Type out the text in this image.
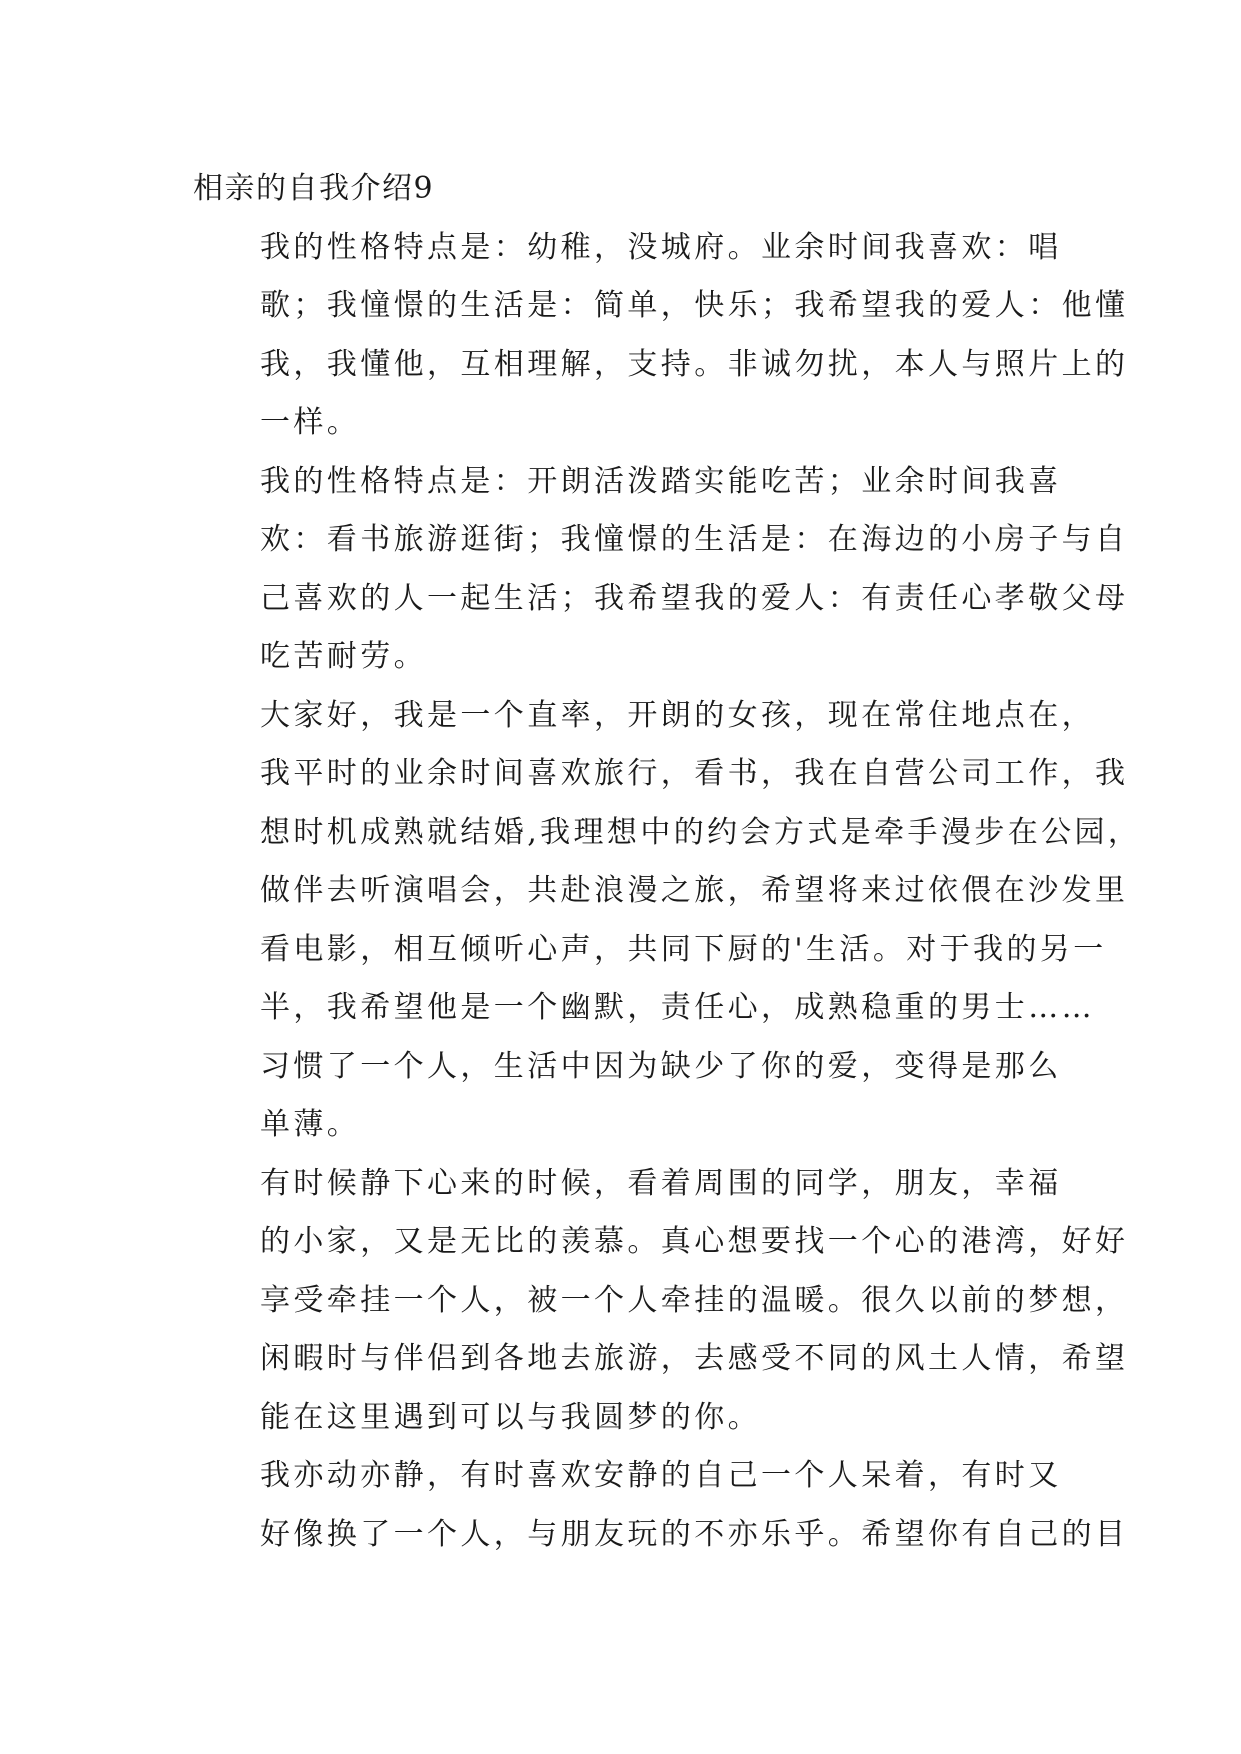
相亲的自我介绍9

我的性格特点是：幼稚，没城府。业余时间我喜欢：唱
歌；我憧憬的生活是：简单，快乐；我希望我的爱人：他懂
我，我懂他，互相理解，支持。非诚勿扰，本人与照片上的
一样。

我的性格特点是：开朗活泼踏实能吃苦；业余时间我喜
欢：看书旅游逛街；我憧憬的生活是：在海边的小房子与自
己喜欢的人一起生活；我希望我的爱人：有责任心孝敬父母
吃苦耐劳。

大家好，我是一个直率，开朗的女孩，现在常住地点在，
我平时的业余时间喜欢旅行，看书，我在自营公司工作，我
想时机成熟就结婚,我理想中的约会方式是牵手漫步在公园，
做伴去听演唱会，共赴浪漫之旅，希望将来过依偎在沙发里
看电影，相互倾听心声，共同下厨的'生活。对于我的另一
半，我希望他是一个幽默，责任心，成熟稳重的男士……

习惯了一个人，生活中因为缺少了你的爱，变得是那么
单薄。

有时候静下心来的时候，看着周围的同学，朋友，幸福
的小家，又是无比的羡慕。真心想要找一个心的港湾，好好
享受牵挂一个人，被一个人牵挂的温暖。很久以前的梦想，
闲暇时与伴侣到各地去旅游，去感受不同的风土人情，希望
能在这里遇到可以与我圆梦的你。

我亦动亦静，有时喜欢安静的自己一个人呆着，有时又
好像换了一个人，与朋友玩的不亦乐乎。希望你有自己的目
